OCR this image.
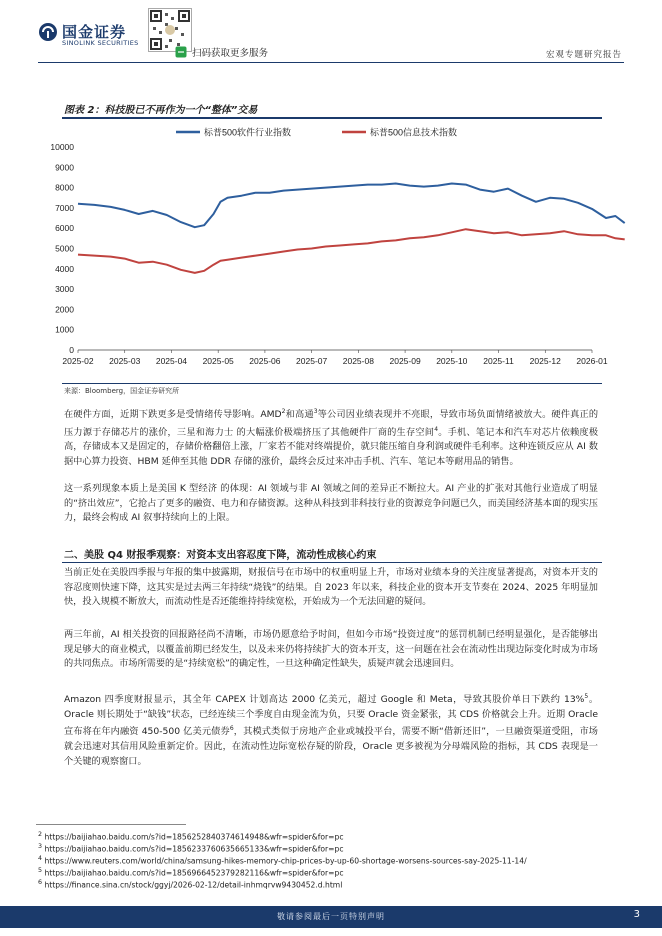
国金证券
SINOLINK SECURITIES
扫码获取更多服务	宏观专题研究报告
图表 2：科技股已不再作为一个“整体”交易
10000
9000
8000
7000
6000
5000
4000
3000
2000
1000
0
2025-02 2025-03 2025-04 2025-05 2025-06 2025-07 2025-08 2025-09 2025-10 2025-11 2025-12 2026-01
标普500软件行业指数	标普500信息技术指数
来源：Bloomberg，国金证券研究所
在硬件方面，近期下跌更多是受情绪传导影响。AMD$^2$和高通$^3$等公司因业绩表现并不亮眼，导致市场负面情绪被放大。硬件真正的压力源于存储芯片的涨价，三星和海力士 的大幅涨价极端挤压了其他硬件厂商的生存空间$^4$。手机、笔记本和汽车对芯片依赖度极高，存储成本又是固定的，存储价格翻倍上涨，厂家若不能对终端提价，就只能压缩自身利润或硬件毛利率。这种连锁反应从 AI 数据中心算力投资、HBM 延伸至其他 DDR 存储的涨价，最终会反过来冲击手机、汽车、笔记本等耐用品的销售。
这一系列现象本质上是美国 K 型经济 的体现：AI 领域与非 AI 领域之间的差异正不断拉大。AI 产业的扩张对其他行业造成了明显的“挤出效应”，它抢占了更多的融资、电力和存储资源。这种从科技到非科技行业的资源竞争问题已久，而美国经济基本面的现实压力，最终会构成 AI 叙事持续向上的上限。
二、美股 Q4 财报季观察：对资本支出容忍度下降，流动性成核心约束
当前正处在美股四季报与年报的集中披露期，财报信号在市场中的权重明显上升，市场对业绩本身的关注度显著提高，对资本开支的容忍度则快速下降，这其实是过去两三年持续“烧钱”的结果。自 2023 年以来，科技企业的资本开支节奏在 2024、2025 年明显加快，投入规模不断放大，而流动性是否还能维持持续宽松，开始成为一个无法回避的疑问。
两三年前，AI 相关投资的回报路径尚不清晰，市场仍愿意给予时间，但如今市场“投资过度”的惩罚机制已经明显强化，是否能够出现足够大的商业模式，以覆盖前期已经发生，以及未来仍将持续扩大的资本开支，这一问题在社会在流动性出现边际变化时成为市场的共同焦点。市场所需要的是“持续宽松”的确定性，一旦这种确定性缺失，质疑声就会迅速回归。
Amazon 四季度财报显示，其全年 CAPEX 计划高达 2000 亿美元，超过 Google 和 Meta，导致其股价单日下跌约 13%$^5$。Oracle 则长期处于“缺钱”状态，已经连续三个季度自由现金流为负，只要 Oracle 资金紧张，其 CDS 价格就会上升。近期 Oracle 宣布将在年内融资 450-500 亿美元债券$^6$，其模式类似于房地产企业或城投平台，需要不断“借新还旧”，一旦融资渠道受阻，市场就会迅速对其信用风险重新定价。因此，在流动性边际宽松存疑的阶段，Oracle 更多被视为分母端风险的指标，其 CDS 表现是一个关键的观察窗口。
$^2$ https://baijiahao.baidu.com/s?id=1856252840374614948&wfr=spider&for=pc
$^3$ https://baijiahao.baidu.com/s?id=1856233760635665133&wfr=spider&for=pc
$^4$ https://www.reuters.com/world/china/samsung-hikes-memory-chip-prices-by-up-60-shortage-worsens-sources-say-2025-11-14/
$^5$ https://baijiahao.baidu.com/s?id=1856966452379282116&wfr=spider&for=pc
$^6$ https://finance.sina.cn/stock/ggyj/2026-02-12/detail-inhmqrvw9430452.d.html
敬请参阅最后一页特别声明	3
